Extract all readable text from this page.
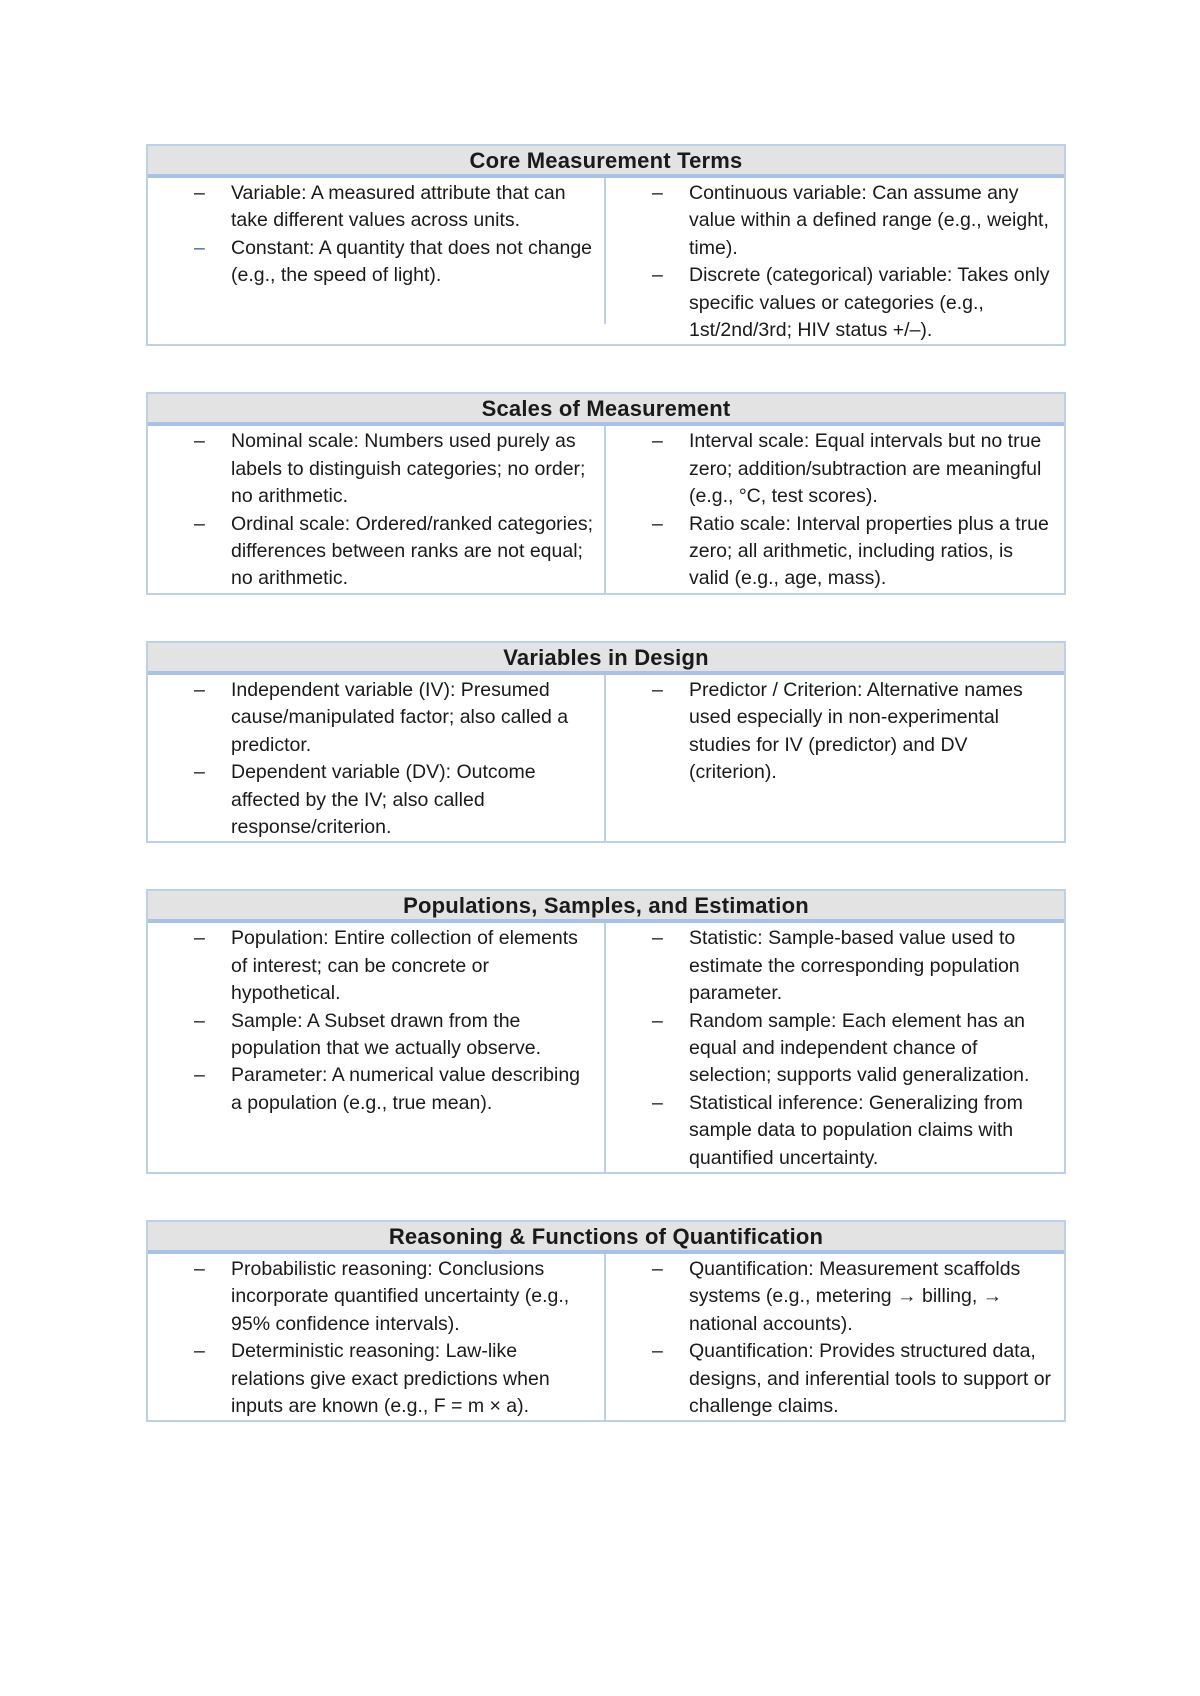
Core Measurement Terms
–	Variable: A measured attribute that can take different values across units.
–	Constant: A quantity that does not change (e.g., the speed of light).
–	Continuous variable: Can assume any value within a defined range (e.g., weight, time).
–	Discrete (categorical) variable: Takes only specific values or categories (e.g., 1st/2nd/3rd; HIV status +/–).
Scales of Measurement
–	Nominal scale: Numbers used purely as labels to distinguish categories; no order; no arithmetic.
–	Ordinal scale: Ordered/ranked categories; differences between ranks are not equal; no arithmetic.
–	Interval scale: Equal intervals but no true zero; addition/subtraction are meaningful (e.g., °C, test scores).
–	Ratio scale: Interval properties plus a true zero; all arithmetic, including ratios, is valid (e.g., age, mass).
Variables in Design
–	Independent variable (IV): Presumed cause/manipulated factor; also called a predictor.
–	Dependent variable (DV): Outcome affected by the IV; also called response/criterion.
–	Predictor / Criterion: Alternative names used especially in non-experimental studies for IV (predictor) and DV (criterion).
Populations, Samples, and Estimation
–	Population: Entire collection of elements of interest; can be concrete or hypothetical.
–	Sample: A Subset drawn from the population that we actually observe.
–	Parameter: A numerical value describing a population (e.g., true mean).
–	Statistic: Sample-based value used to estimate the corresponding population parameter.
–	Random sample: Each element has an equal and independent chance of selection; supports valid generalization.
–	Statistical inference: Generalizing from sample data to population claims with quantified uncertainty.
Reasoning & Functions of Quantification
–	Probabilistic reasoning: Conclusions incorporate quantified uncertainty (e.g., 95% confidence intervals).
–	Deterministic reasoning: Law-like relations give exact predictions when inputs are known (e.g., F = m × a).
–	Quantification: Measurement scaffolds systems (e.g., metering → billing, → national accounts).
–	Quantification: Provides structured data, designs, and inferential tools to support or challenge claims.
